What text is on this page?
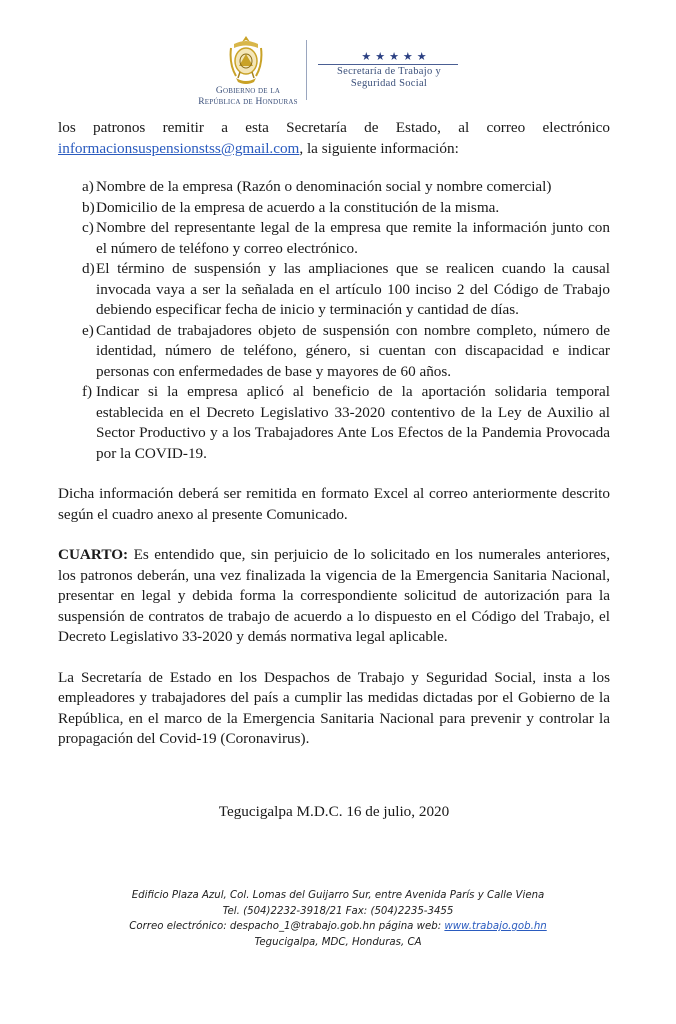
Gobierno de la
República de Honduras
★★★★★
Secretaría de Trabajo y
Seguridad Social

los patronos remitir a esta Secretaría de Estado, al correo electrónico informacionsuspensionstss@gmail.com, la siguiente información:

a) Nombre de la empresa (Razón o denominación social y nombre comercial)
b) Domicilio de la empresa de acuerdo a la constitución de la misma.
c) Nombre del representante legal de la empresa que remite la información junto con el número de teléfono y correo electrónico.
d) El término de suspensión y las ampliaciones que se realicen cuando la causal invocada vaya a ser la señalada en el artículo 100 inciso 2 del Código de Trabajo debiendo especificar fecha de inicio y terminación y cantidad de días.
e) Cantidad de trabajadores objeto de suspensión con nombre completo, número de identidad, número de teléfono, género, si cuentan con discapacidad e indicar personas con enfermedades de base y mayores de 60 años.
f) Indicar si la empresa aplicó al beneficio de la aportación solidaria temporal establecida en el Decreto Legislativo 33-2020 contentivo de la Ley de Auxilio al Sector Productivo y a los Trabajadores Ante Los Efectos de la Pandemia Provocada por la COVID-19.

Dicha información deberá ser remitida en formato Excel al correo anteriormente descrito según el cuadro anexo al presente Comunicado.

CUARTO: Es entendido que, sin perjuicio de lo solicitado en los numerales anteriores, los patronos deberán, una vez finalizada la vigencia de la Emergencia Sanitaria Nacional, presentar en legal y debida forma la correspondiente solicitud de autorización para la suspensión de contratos de trabajo de acuerdo a lo dispuesto en el Código del Trabajo, el Decreto Legislativo 33-2020 y demás normativa legal aplicable.

La Secretaría de Estado en los Despachos de Trabajo y Seguridad Social, insta a los empleadores y trabajadores del país a cumplir las medidas dictadas por el Gobierno de la República, en el marco de la Emergencia Sanitaria Nacional para prevenir y controlar la propagación del Covid-19 (Coronavirus).

Tegucigalpa M.D.C. 16 de julio, 2020

Edificio Plaza Azul, Col. Lomas del Guijarro Sur, entre Avenida París y Calle Viena
Tel. (504)2232-3918/21 Fax: (504)2235-3455
Correo electrónico: despacho_1@trabajo.gob.hn página web: www.trabajo.gob.hn
Tegucigalpa, MDC, Honduras, CA
